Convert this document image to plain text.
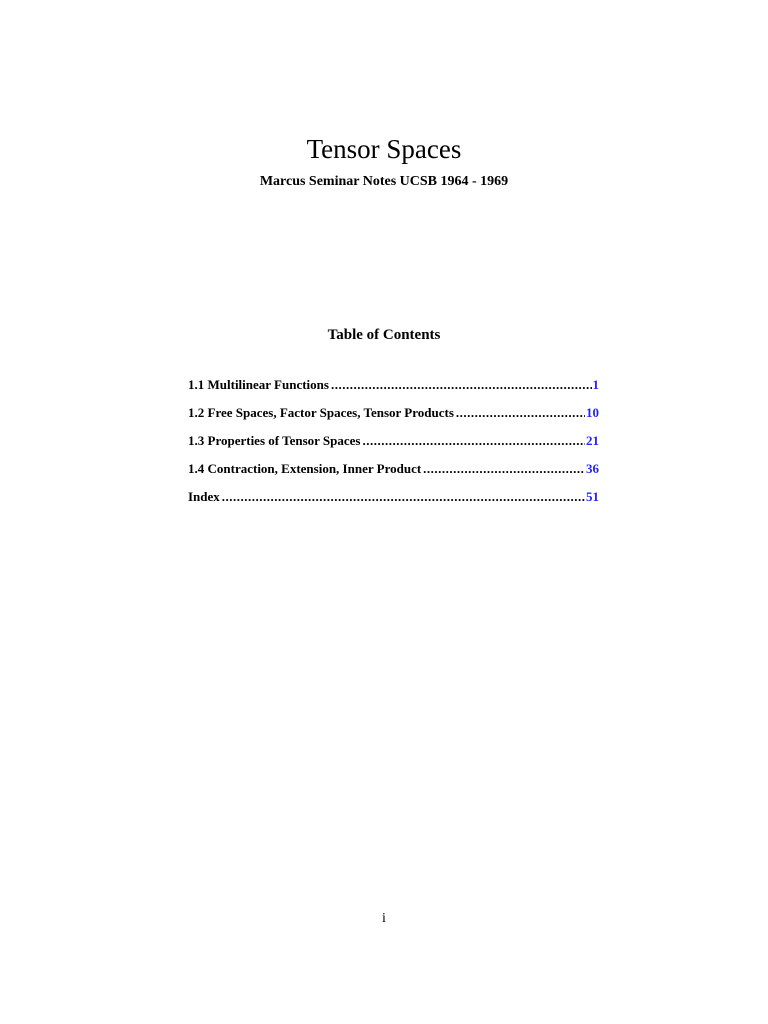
Tensor Spaces
Marcus Seminar Notes UCSB 1964 - 1969
Table of Contents
1.1 Multilinear Functions .....	1
1.2 Free Spaces, Factor Spaces, Tensor Products .....	10
1.3 Properties of Tensor Spaces .....	21
1.4 Contraction, Extension, Inner Product .....	36
Index .....	51
i
